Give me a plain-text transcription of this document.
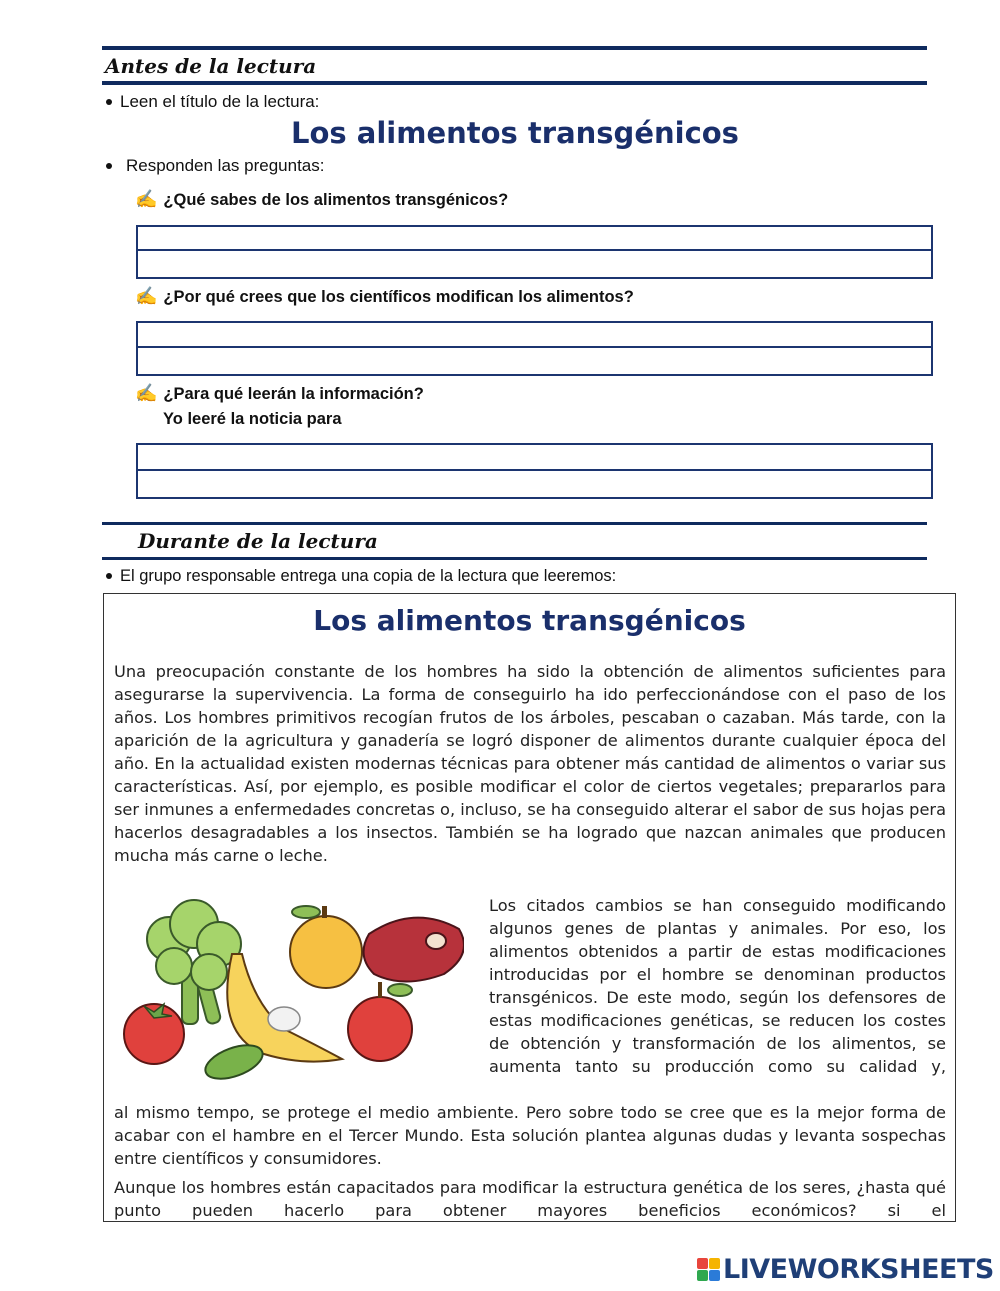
Antes de la lectura
Leen el título de la lectura:
Los alimentos transgénicos
Responden las preguntas:
✍ ¿Qué sabes de los alimentos transgénicos?
✍ ¿Por qué crees que los científicos modifican los alimentos?
✍ ¿Para qué leerán la información?
Yo leeré la noticia para
Durante de la lectura
El grupo responsable entrega una copia de la lectura que leeremos:
Los alimentos transgénicos

Una preocupación constante de los hombres ha sido la obtención de alimentos suficientes para asegurarse la supervivencia. La forma de conseguirlo ha ido perfeccionándose con el paso de los años. Los hombres primitivos recogían frutos de los árboles, pescaban o cazaban. Más tarde, con la aparición de la agricultura y ganadería se logró disponer de alimentos durante cualquier época del año. En la actualidad existen modernas técnicas para obtener más cantidad de alimentos o variar sus características. Así, por ejemplo, es posible modificar el color de ciertos vegetales; prepararlos para ser inmunes a enfermedades concretas o, incluso, se ha conseguido alterar el sabor de sus hojas pera hacerlos desagradables a los insectos. También se ha logrado que nazcan animales que producen mucha más carne o leche.

Los citados cambios se han conseguido modificando algunos genes de plantas y animales. Por eso, los alimentos obtenidos a partir de estas modificaciones introducidas por el hombre se denominan productos transgénicos. De este modo, según los defensores de estas modificaciones genéticas, se reducen los costes de obtención y transformación de los alimentos, se aumenta tanto su producción como su calidad y,

al mismo tempo, se protege el medio ambiente. Pero sobre todo se cree que es la mejor forma de acabar con el hambre en el Tercer Mundo. Esta solución plantea algunas dudas y levanta sospechas entre científicos y consumidores.

Aunque los hombres están capacitados para modificar la estructura genética de los seres, ¿hasta qué punto pueden hacerlo para obtener mayores beneficios económicos? si el

LIVEWORKSHEETS
